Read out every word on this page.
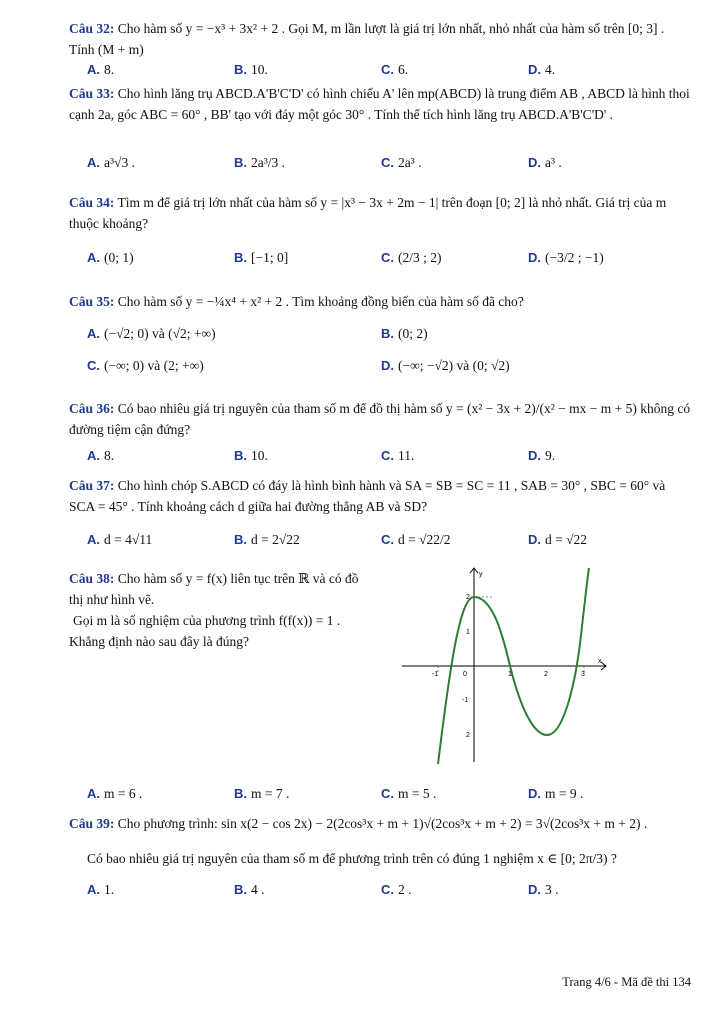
Câu 32: Cho hàm số y = −x³ + 3x² + 2 . Gọi M, m lần lượt là giá trị lớn nhất, nhỏ nhất của hàm số trên [0; 3] . Tính (M + m)
A. 8.	B. 10.	C. 6.	D. 4.
Câu 33: Cho hình lăng trụ ABCD.A'B'C'D' có hình chiếu A' lên mp(ABCD) là trung điểm AB , ABCD là hình thoi cạnh 2a, góc ABC = 60° , BB' tạo với đáy một góc 30° . Tính thể tích hình lăng trụ ABCD.A'B'C'D' .
A. a³√3 .	B. 2a³/3 .	C. 2a³ .	D. a³ .
Câu 34: Tìm m để giá trị lớn nhất của hàm số y = |x³ − 3x + 2m − 1| trên đoạn [0; 2] là nhỏ nhất. Giá trị của m thuộc khoảng?
A. (0; 1)	B. [−1; 0]	C. (2/3 ; 2)	D. (−3/2 ; −1)
Câu 35: Cho hàm số y = −¼x⁴ + x² + 2 . Tìm khoảng đồng biến của hàm số đã cho?
A. (−√2; 0) và (√2; +∞)	B. (0; 2)
C. (−∞; 0) và (2; +∞)	D. (−∞; −√2) và (0; √2)
Câu 36: Có bao nhiêu giá trị nguyên của tham số m để đồ thị hàm số y = (x² − 3x + 2)/(x² − mx − m + 5) không có đường tiệm cận đứng?
A. 8.	B. 10.	C. 11.	D. 9.
Câu 37: Cho hình chóp S.ABCD có đáy là hình bình hành và SA = SB = SC = 11 , SAB = 30° , SBC = 60° và SCA = 45° . Tính khoảng cách d giữa hai đường thẳng AB và SD?
A. d = 4√11	B. d = 2√22	C. d = √22/2	D. d = √22
Câu 38: Cho hàm số y = f(x) liên tục trên ℝ và có đồ thị như hình vẽ.
Gọi m là số nghiệm của phương trình f(f(x)) = 1 . Khẳng định nào sau đây là đúng?
y
x
-1	0	1	2	3
2
1
-1
2
A. m = 6 .	B. m = 7 .	C. m = 5 .	D. m = 9 .
Câu 39: Cho phương trình: sin x(2 − cos 2x) − 2(2cos³x + m + 1)√(2cos³x + m + 2) = 3√(2cos³x + m + 2) .
Có bao nhiêu giá trị nguyên của tham số m để phương trình trên có đúng 1 nghiệm x ∈ [0; 2π/3) ?
A. 1.	B. 4 .	C. 2 .	D. 3 .
Trang 4/6 - Mã đề thi 134
